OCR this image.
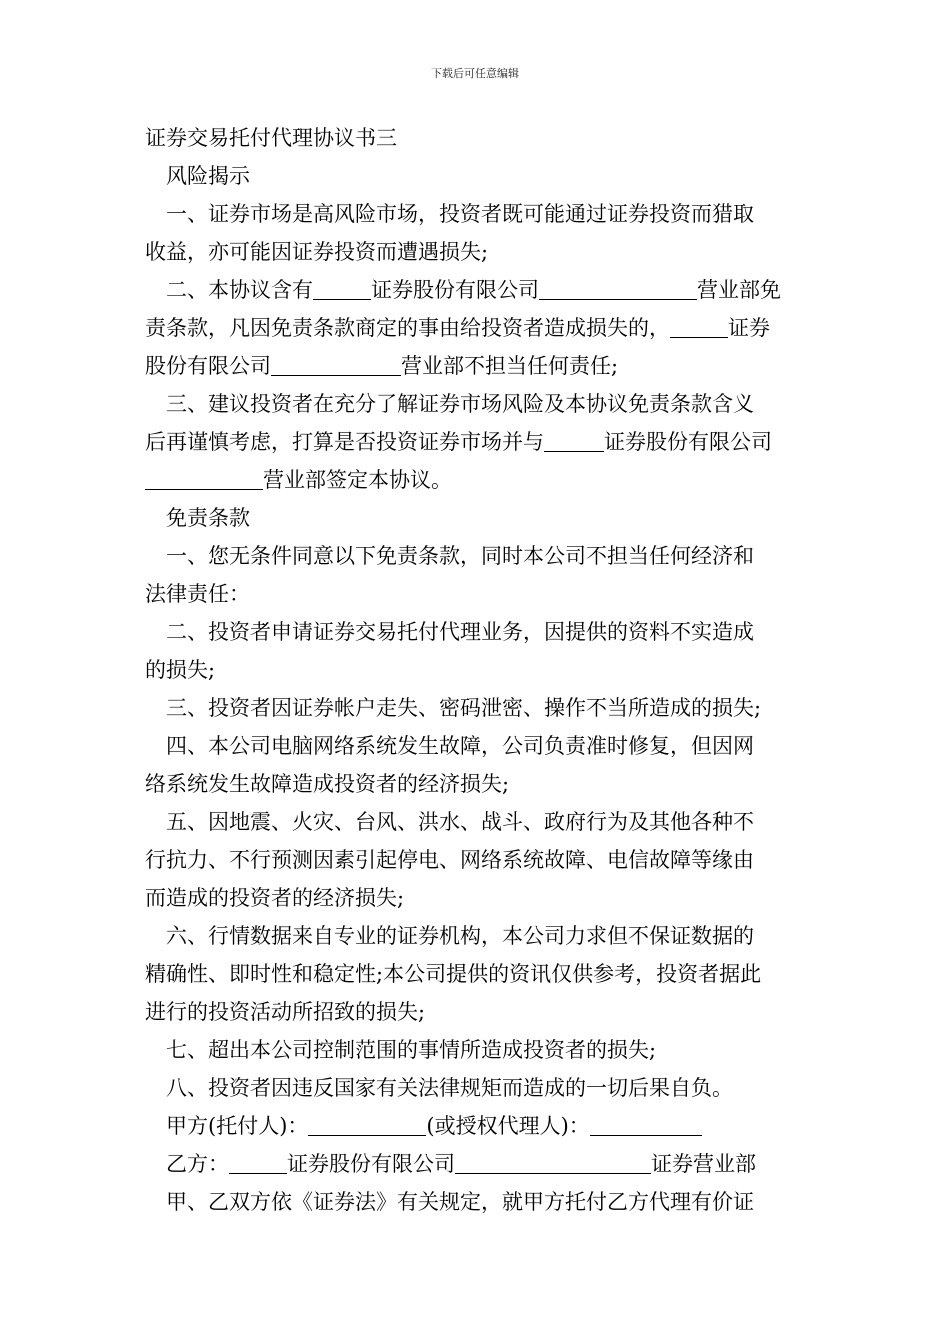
下载后可任意编辑
证券交易托付代理协议书三
风险揭示
一、证券市场是高风险市场，投资者既可能通过证券投资而猎取
收益，亦可能因证券投资而遭遇损失;
二、本协议含有	证券股份有限公司	营业部免
责条款，凡因免责条款商定的事由给投资者造成损失的，	证券
股份有限公司	营业部不担当任何责任;
三、建议投资者在充分了解证券市场风险及本协议免责条款含义
后再谨慎考虑，打算是否投资证券市场并与	证券股份有限公司
营业部签定本协议。
免责条款
一、您无条件同意以下免责条款，同时本公司不担当任何经济和
法律责任：
二、投资者申请证券交易托付代理业务，因提供的资料不实造成
的损失;
三、投资者因证券帐户走失、密码泄密、操作不当所造成的损失;
四、本公司电脑网络系统发生故障，公司负责准时修复，但因网
络系统发生故障造成投资者的经济损失;
五、因地震、火灾、台风、洪水、战斗、政府行为及其他各种不
行抗力、不行预测因素引起停电、网络系统故障、电信故障等缘由
而造成的投资者的经济损失;
六、行情数据来自专业的证券机构，本公司力求但不保证数据的
精确性、即时性和稳定性;本公司提供的资讯仅供参考，投资者据此
进行的投资活动所招致的损失;
七、超出本公司控制范围的事情所造成投资者的损失;
八、投资者因违反国家有关法律规矩而造成的一切后果自负。
甲方(托付人)：	(或授权代理人)：
乙方：	证券股份有限公司	证券营业部
甲、乙双方依《证券法》有关规定，就甲方托付乙方代理有价证
